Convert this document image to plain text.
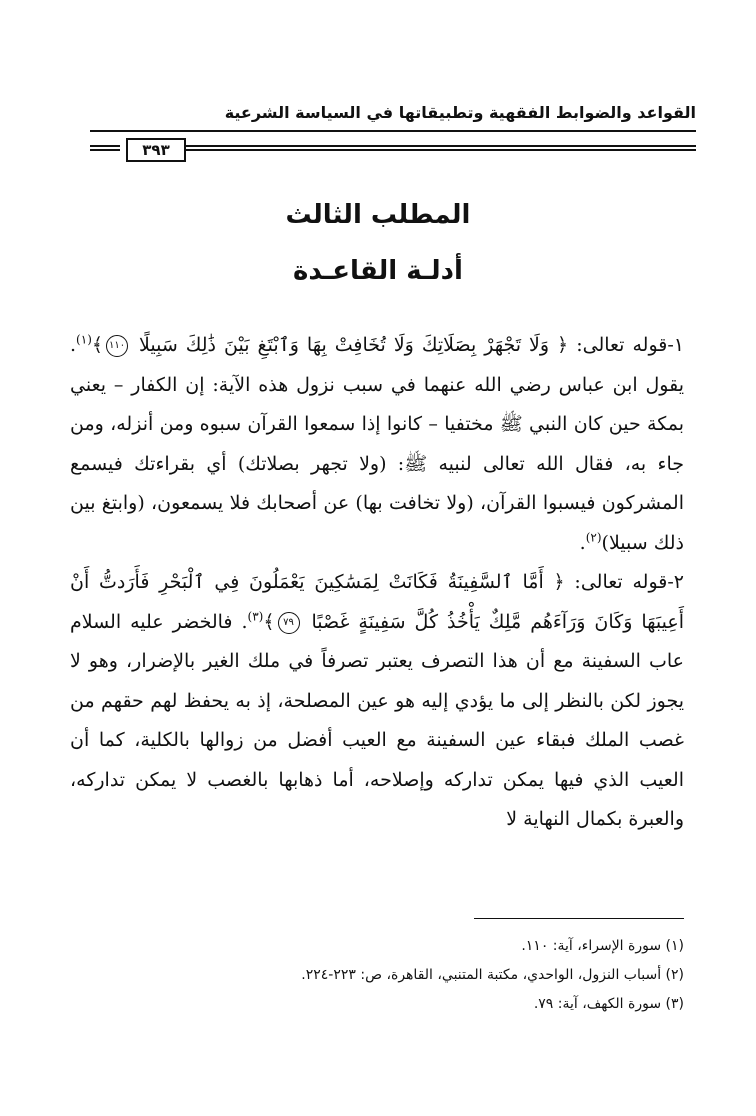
القواعد والضوابط الفقهية وتطبيقاتها في السياسة الشرعية
٣٩٣
المطلب الثالث
أدلـة القاعـدة

١-قوله تعالى: ﴿ وَلَا تَجْهَرْ بِصَلَاتِكَ وَلَا تُخَافِتْ بِهَا وَٱبْتَغِ بَيْنَ ذَٰلِكَ سَبِيلًا ١١٠﴾$^{(١)}$. يقول ابن عباس رضي الله عنهما في سبب نزول هذه الآية: إن الكفار – يعني بمكة حين كان النبي ﷺ مختفيا – كانوا إذا سمعوا القرآن سبوه ومن أنزله، ومن جاء به، فقال الله تعالى لنبيه ﷺ: (ولا تجهر بصلاتك) أي بقراءتك فيسمع المشركون فيسبوا القرآن، (ولا تخافت بها) عن أصحابك فلا يسمعون، (وابتغ بين ذلك سبيلا)$^{(٢)}$.

٢-قوله تعالى: ﴿ أَمَّا ٱلسَّفِينَةُ فَكَانَتْ لِمَسَٰكِينَ يَعْمَلُونَ فِي ٱلْبَحْرِ فَأَرَدتُّ أَنْ أَعِيبَهَا وَكَانَ وَرَآءَهُم مَّلِكٌ يَأْخُذُ كُلَّ سَفِينَةٍ غَصْبًا ٧٩﴾$^{(٣)}$. فالخضر عليه السلام عاب السفينة مع أن هذا التصرف يعتبر تصرفاً في ملك الغير بالإضرار، وهو لا يجوز لكن بالنظر إلى ما يؤدي إليه هو عين المصلحة، إذ به يحفظ لهم حقهم من غصب الملك فبقاء عين السفينة مع العيب أفضل من زوالها بالكلية، كما أن العيب الذي فيها يمكن تداركه وإصلاحه، أما ذهابها بالغصب لا يمكن تداركه، والعبرة بكمال النهاية لا

(١) سورة الإسراء، آية: ١١٠.
(٢) أسباب النزول، الواحدي، مكتبة المتنبي، القاهرة، ص: ٢٢٣-٢٢٤.
(٣) سورة الكهف، آية: ٧٩.
